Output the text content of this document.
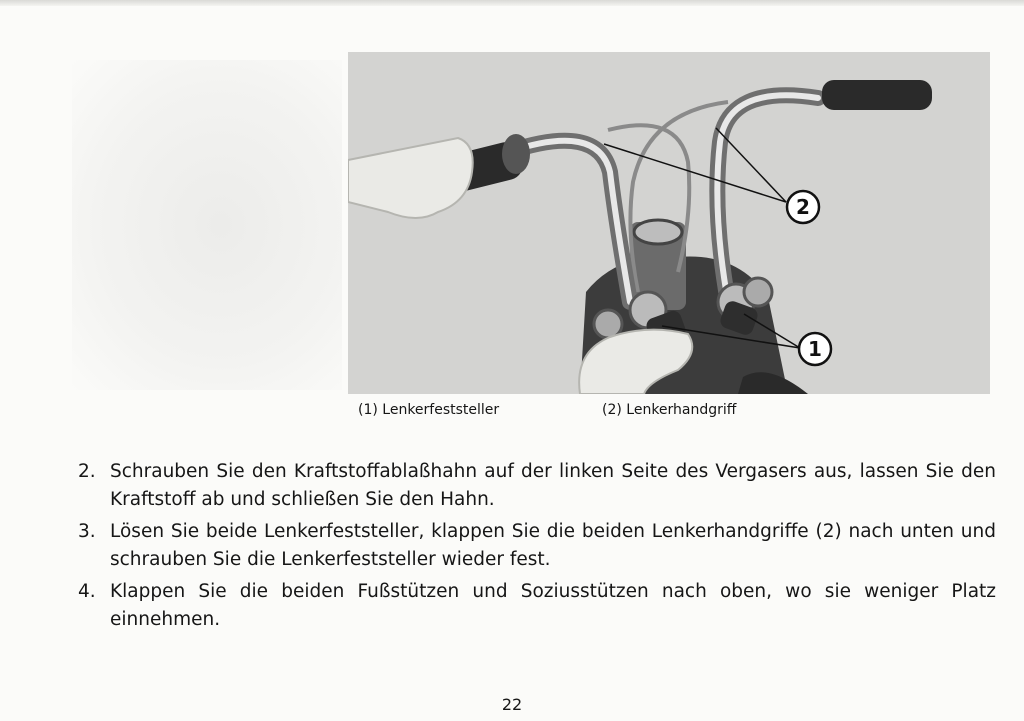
2
1
(1) Lenkerfeststeller	(2) Lenkerhandgriff
2. Schrauben Sie den Kraftstoffablaßhahn auf der linken Seite des Vergasers aus, lassen Sie den Kraftstoff ab und schließen Sie den Hahn.
3. Lösen Sie beide Lenkerfeststeller, klappen Sie die beiden Lenkerhandgriffe (2) nach unten und schrauben Sie die Lenkerfeststeller wieder fest.
4. Klappen Sie die beiden Fußstützen und Soziusstützen nach oben, wo sie weniger Platz einnehmen.
22
